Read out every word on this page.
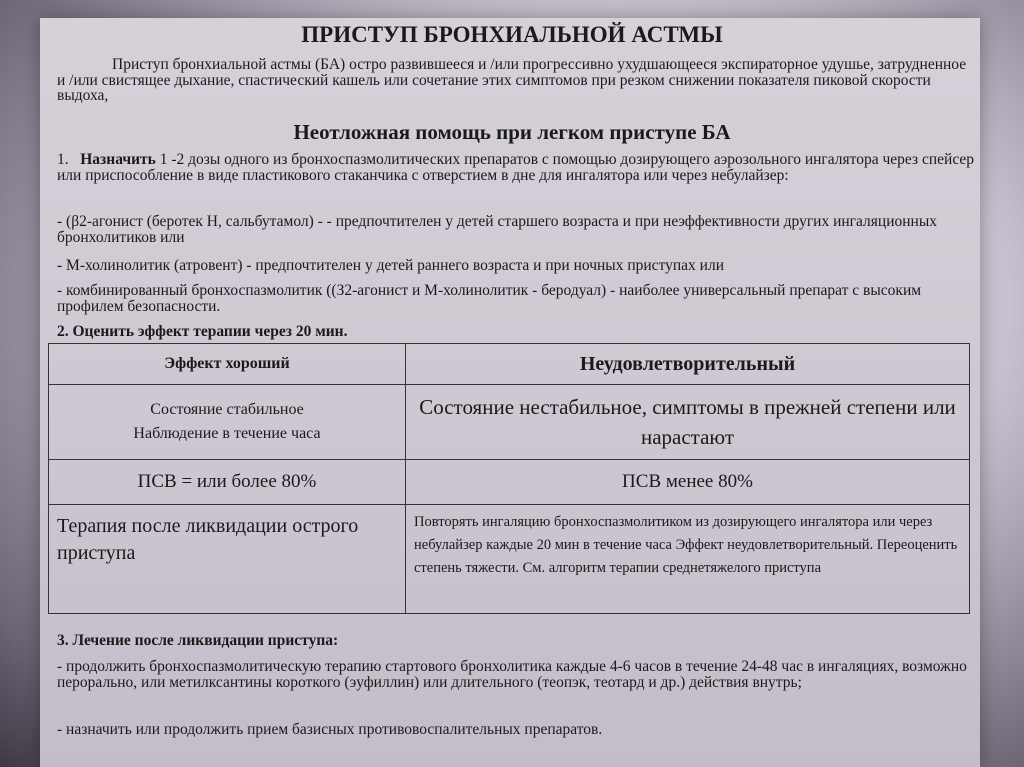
ПРИСТУП БРОНХИАЛЬНОЙ АСТМЫ
Приступ бронхиальной астмы (БА) остро развившееся и /или прогрессивно ухудшающееся экспираторное удушье, затрудненное и /или свистящее дыхание, спастический кашель или сочетание этих симптомов при резком снижении показателя пиковой скорости выдоха,
Неотложная помощь при легком приступе БА
1. Назначить 1 -2 дозы одного из бронхоспазмолитических препаратов с помощью дозирующего аэрозольного ингалятора через спейсер или приспособление в виде пластикового стаканчика с отверстием в дне для ингалятора или через небулайзер:
- (β2-агонист (беротек Н, сальбутамол) - - предпочтителен у детей старшего возраста и при неэффективности других ингаляционных бронхолитиков или
- М-холинолитик (атровент) - предпочтителен у детей раннего возраста и при ночных приступах или
- комбинированный бронхоспазмолитик ((З2-агонист и М-холинолитик - беродуал) - наиболее универсальный препарат с высоким профилем безопасности.
2. Оценить эффект терапии через 20 мин.
Эффект хороший	Неудовлетворительный

Состояние стабильное
Наблюдение в течение часа	Состояние нестабильное, симптомы в прежней степени или нарастают
ПСВ = или более 80%	ПСВ менее 80%
Терапия после ликвидации острого приступа	Повторять ингаляцию бронхоспазмолитиком из дозирующего ингалятора или через небулайзер каждые 20 мин в течение часа Эффект неудовлетворительный. Переоценить степень тяжести. См. алгоритм терапии среднетяжелого приступа
3. Лечение после ликвидации приступа:
- продолжить бронхоспазмолитическую терапию стартового бронхолитика каждые 4-6 часов в течение 24-48 час в ингаляциях, возможно перорально, или метилксантины короткого (эуфиллин) или длительного (теопэк, теотард и др.) действия внутрь;
- назначить или продолжить прием базисных противовоспалительных препаратов.
